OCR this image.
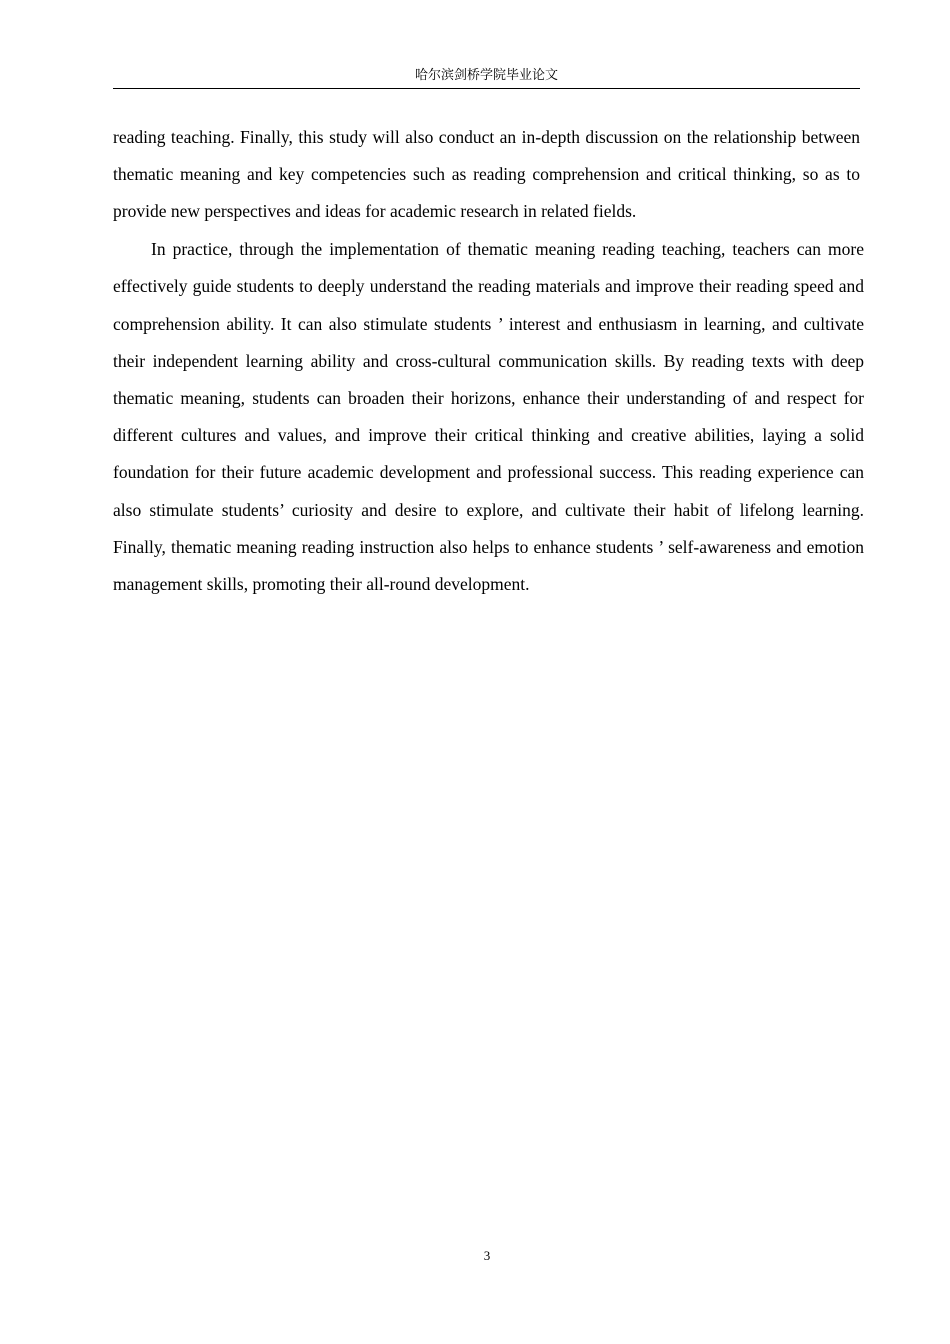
哈尔滨剑桥学院毕业论文

reading teaching. Finally, this study will also conduct an in-depth discussion on the relationship between thematic meaning and key competencies such as reading comprehension and critical thinking, so as to provide new perspectives and ideas for academic research in related fields.

In practice, through the implementation of thematic meaning reading teaching, teachers can more effectively guide students to deeply understand the reading materials and improve their reading speed and comprehension ability. It can also stimulate students ’ interest and enthusiasm in learning, and cultivate their independent learning ability and cross-cultural communication skills. By reading texts with deep thematic meaning, students can broaden their horizons, enhance their understanding of and respect for different cultures and values, and improve their critical thinking and creative abilities, laying a solid foundation for their future academic development and professional success. This reading experience can also stimulate students’ curiosity and desire to explore, and cultivate their habit of lifelong learning. Finally, thematic meaning reading instruction also helps to enhance students ’ self-awareness and emotion management skills, promoting their all-round development.

3
